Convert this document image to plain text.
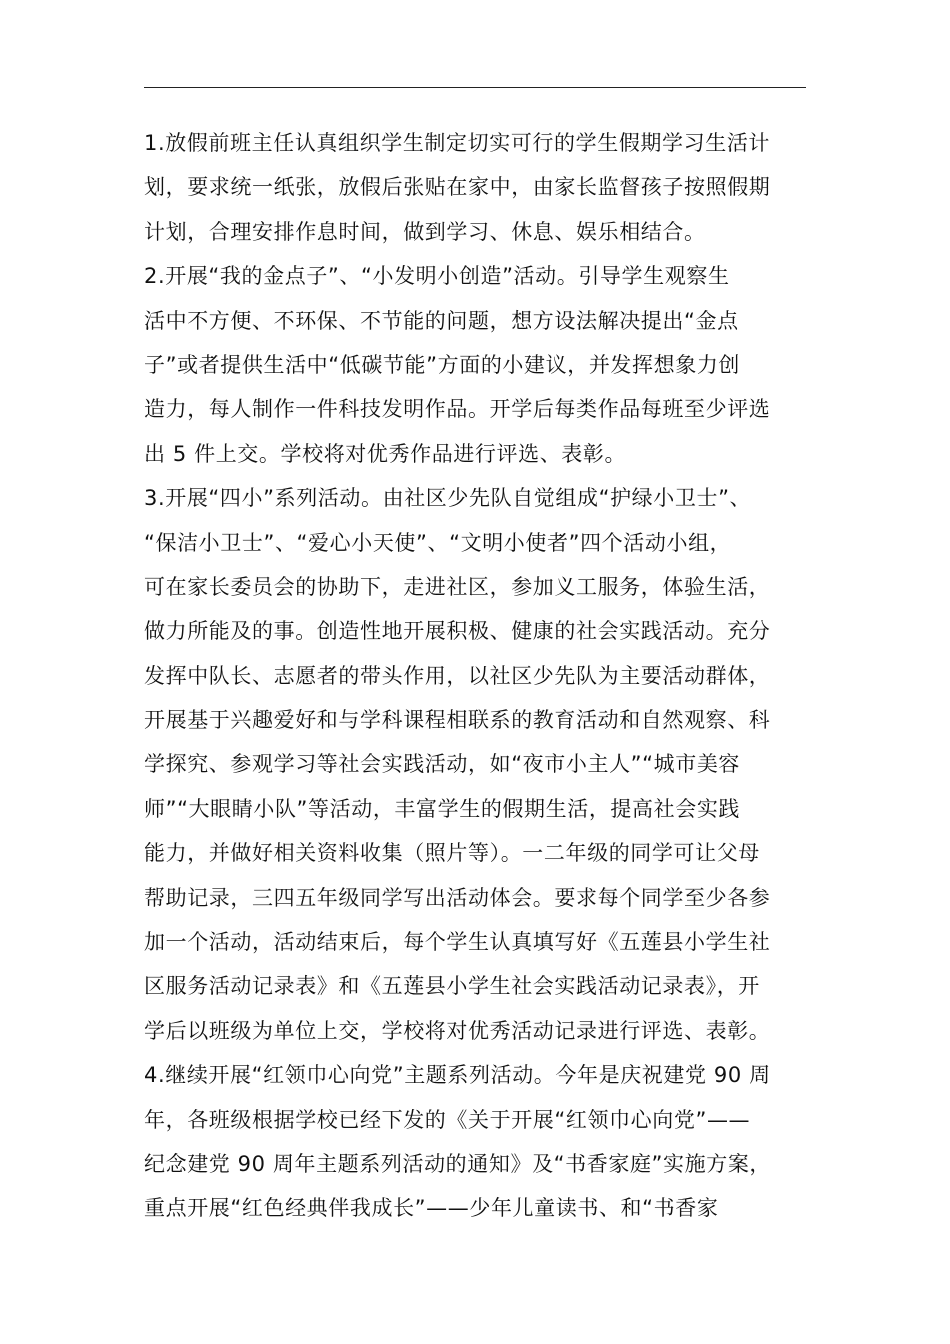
1.放假前班主任认真组织学生制定切实可行的学生假期学习生活计
划，要求统一纸张，放假后张贴在家中，由家长监督孩子按照假期
计划，合理安排作息时间，做到学习、休息、娱乐相结合。
2.开展“我的金点子”、“小发明小创造”活动。引导学生观察生
活中不方便、不环保、不节能的问题，想方设法解决提出“金点
子”或者提供生活中“低碳节能”方面的小建议，并发挥想象力创
造力，每人制作一件科技发明作品。开学后每类作品每班至少评选
出 5 件上交。学校将对优秀作品进行评选、表彰。
3.开展“四小”系列活动。由社区少先队自觉组成“护绿小卫士”、
“保洁小卫士”、“爱心小天使”、“文明小使者”四个活动小组，
可在家长委员会的协助下，走进社区，参加义工服务，体验生活，
做力所能及的事。创造性地开展积极、健康的社会实践活动。充分
发挥中队长、志愿者的带头作用，以社区少先队为主要活动群体，
开展基于兴趣爱好和与学科课程相联系的教育活动和自然观察、科
学探究、参观学习等社会实践活动，如“夜市小主人”“城市美容
师”“大眼睛小队”等活动，丰富学生的假期生活，提高社会实践
能力，并做好相关资料收集（照片等）。一二年级的同学可让父母
帮助记录，三四五年级同学写出活动体会。要求每个同学至少各参
加一个活动，活动结束后，每个学生认真填写好《五莲县小学生社
区服务活动记录表》和《五莲县小学生社会实践活动记录表》，开
学后以班级为单位上交，学校将对优秀活动记录进行评选、表彰。
4.继续开展“红领巾心向党”主题系列活动。今年是庆祝建党 90 周
年，各班级根据学校已经下发的《关于开展“红领巾心向党”——
纪念建党 90 周年主题系列活动的通知》及“书香家庭”实施方案，
重点开展“红色经典伴我成长”——少年儿童读书、和“书香家
